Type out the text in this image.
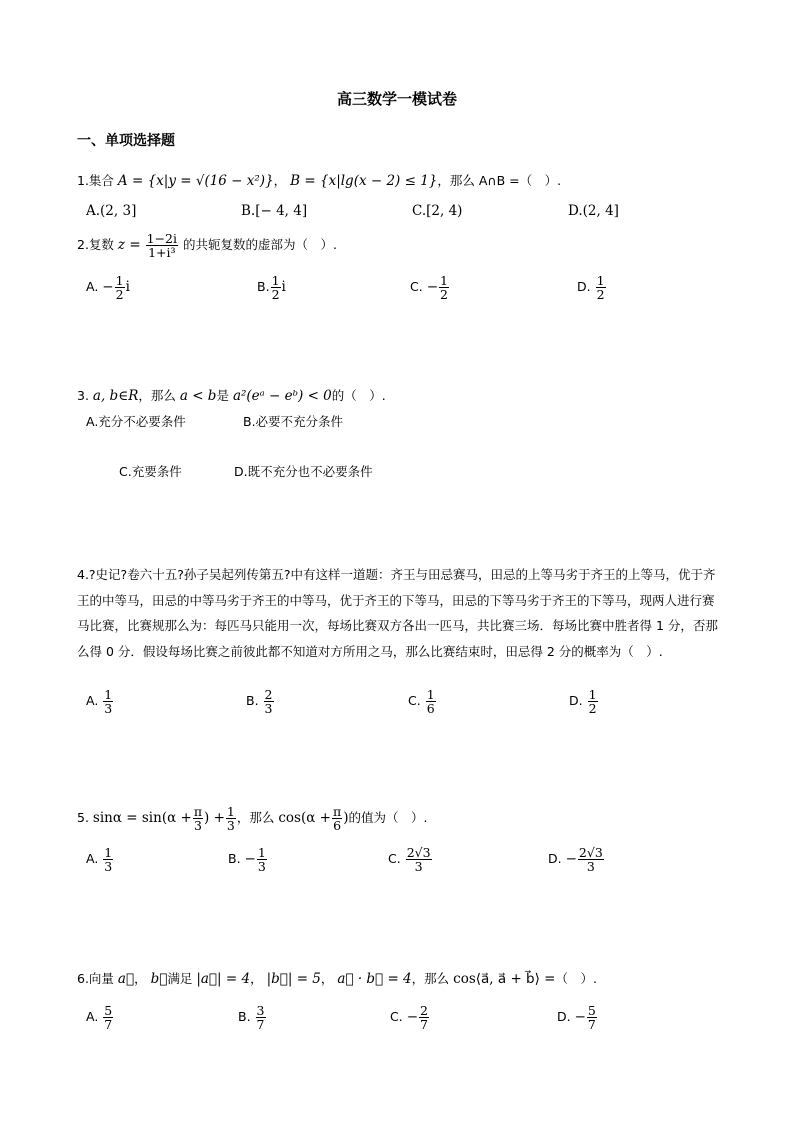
高三数学一模试卷
一、单项选择题
1.集合 A = {x|y = √(16 − x²)}， B = {x|lg(x − 2) ≤ 1}，那么 A∩B =（　）.
A.(2, 3]	B.[− 4, 4]	C.[2, 4)	D.(2, 4]
2.复数 $z = \frac{1-2i}{\text{1+i³}}$ 的共轭复数的虚部为（　）.
A. − $\frac{1}{2}$ i	B. $\frac{1}{2}$ i	C. − $\frac{1}{2}$	D. $\frac{1}{2}$
3. a, b∈R，那么 a < b是 a²(eᵃ − eᵇ) < 0的（　）.
A.充分不必要条件	B.必要不充分条件
C.充要条件	D.既不充分也不必要条件
4.?史记?卷六十五?孙子吴起列传第五?中有这样一道题：齐王与田忌赛马，田忌的上等马劣于齐王的上等马，优于齐王的中等马，田忌的中等马劣于齐王的中等马，优于齐王的下等马，田忌的下等马劣于齐王的下等马，现两人进行赛马比赛，比赛规那么为：每匹马只能用一次，每场比赛双方各出一匹马，共比赛三场．每场比赛中胜者得 1 分，否那么得 0 分．假设每场比赛之前彼此都不知道对方所用之马，那么比赛结束时，田忌得 2 分的概率为（　）.
A. $\frac{1}{3}$	B. $\frac{2}{3}$	C. $\frac{1}{6}$	D. $\frac{1}{2}$
5. $\sin\alpha = \sin(\alpha + \frac{\pi}{3}$ ) + $\frac{1}{3}$ ，那么 $\cos(\alpha + \frac{\pi}{6}$ )的值为（　）.
A. $\frac{1}{3}$	B. − $\frac{1}{3}$	C. $\frac{2√3}{3}$	D. − $\frac{2√3}{3}$
6.向量 a⃗， b⃗满足 |a⃗| = 4， |b⃗| = 5， a⃗ · b⃗ = 4，那么 cos⟨a⃗, a⃗ + b⃗⟩ =（　）.
A. $\frac{5}{7}$	B. $\frac{3}{7}$	C. − $\frac{2}{7}$	D. − $\frac{5}{7}$
